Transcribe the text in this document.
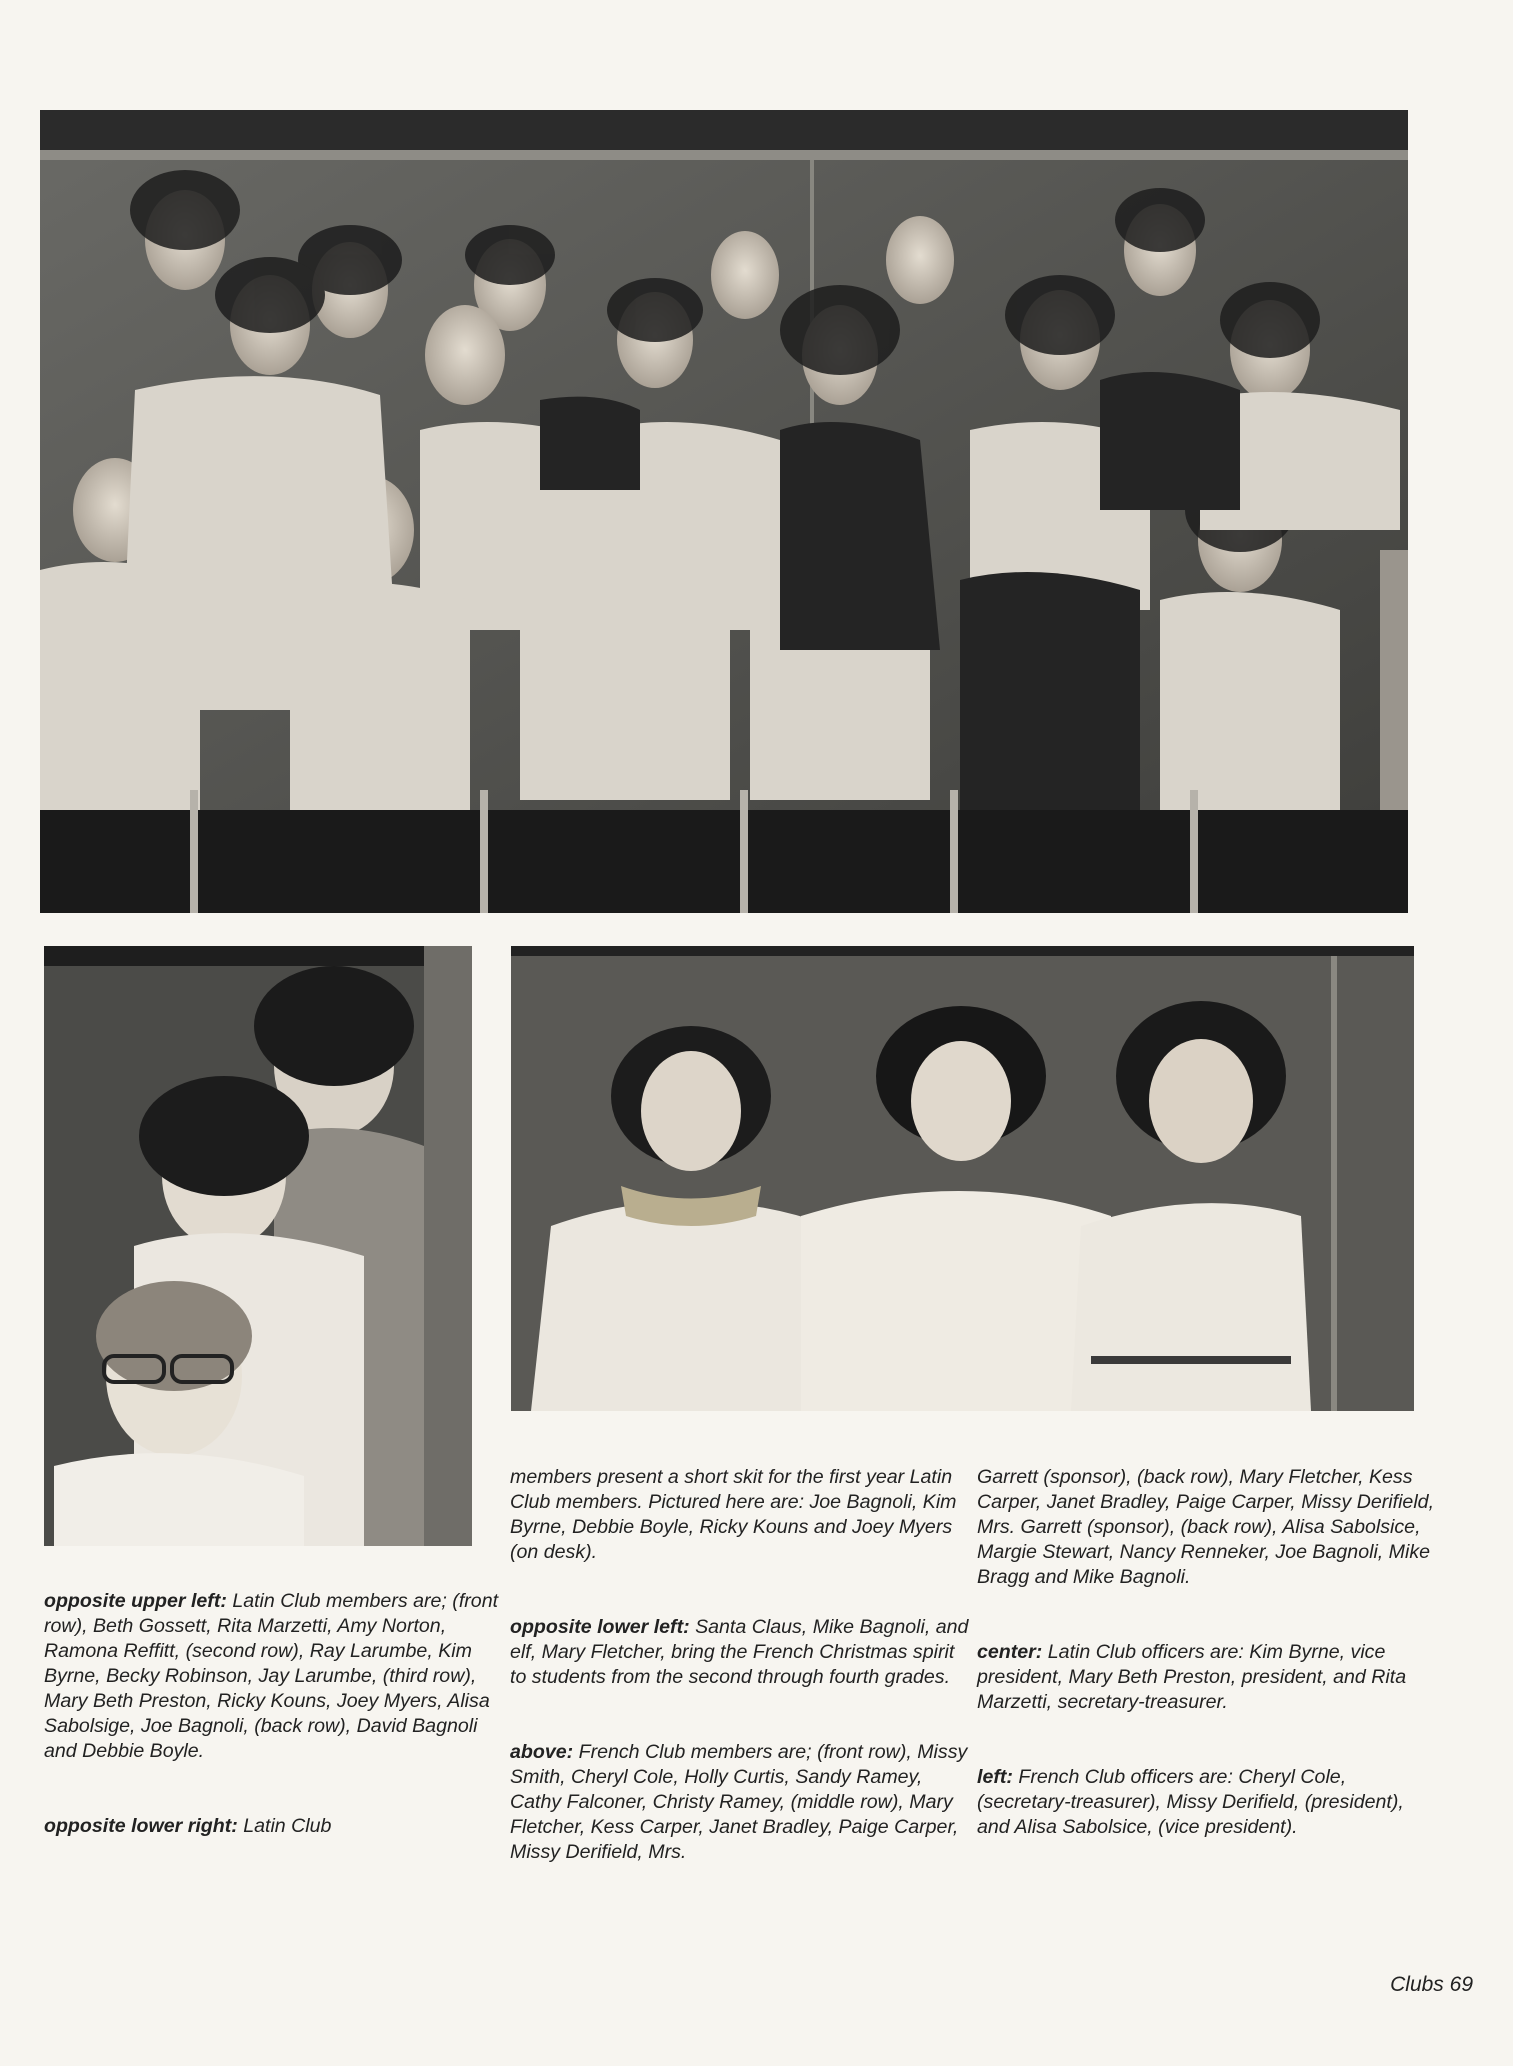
opposite upper left: Latin Club members are; (front row), Beth Gossett, Rita Marzetti, Amy Norton, Ramona Reffitt, (second row), Ray Larumbe, Kim Byrne, Becky Robinson, Jay Larumbe, (third row), Mary Beth Preston, Ricky Kouns, Joey Myers, Alisa Sabolsige, Joe Bagnoli, (back row), David Bagnoli and Debbie Boyle.

opposite lower right: Latin Club

members present a short skit for the first year Latin Club members. Pictured here are: Joe Bagnoli, Kim Byrne, Debbie Boyle, Ricky Kouns and Joey Myers (on desk).

opposite lower left: Santa Claus, Mike Bagnoli, and elf, Mary Fletcher, bring the French Christmas spirit to students from the second through fourth grades.

above: French Club members are; (front row), Missy Smith, Cheryl Cole, Holly Curtis, Sandy Ramey, Cathy Falconer, Christy Ramey, (middle row), Mary Fletcher, Kess Carper, Janet Bradley, Paige Carper, Missy Derifield, Mrs.

Garrett (sponsor), (back row), Mary Fletcher, Kess Carper, Janet Bradley, Paige Carper, Missy Derifield, Mrs. Garrett (sponsor), (back row), Alisa Sabolsice, Margie Stewart, Nancy Renneker, Joe Bagnoli, Mike Bragg and Mike Bagnoli.

center: Latin Club officers are: Kim Byrne, vice president, Mary Beth Preston, president, and Rita Marzetti, secretary-treasurer.

left: French Club officers are: Cheryl Cole, (secretary-treasurer), Missy Derifield, (president), and Alisa Sabolsice, (vice president).

Clubs 69
